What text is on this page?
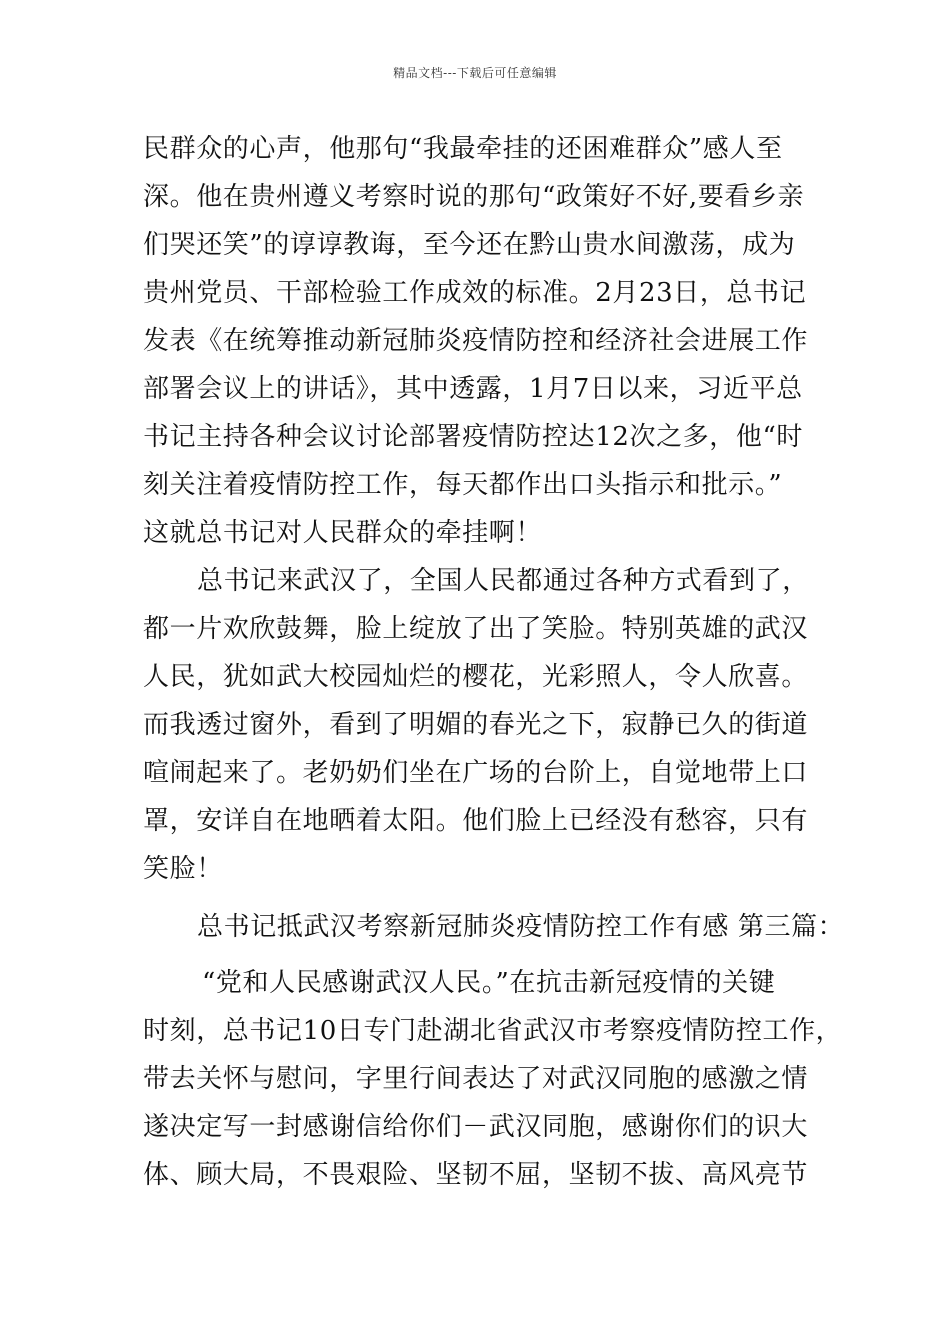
精品文档---下载后可任意编辑
民群众的心声，他那句“我最牵挂的还困难群众”感人至
深。他在贵州遵义考察时说的那句“政策好不好,要看乡亲
们哭还笑”的谆谆教诲，至今还在黔山贵水间激荡，成为
贵州党员、干部检验工作成效的标准。2月23日，总书记
发表《在统筹推动新冠肺炎疫情防控和经济社会进展工作
部署会议上的讲话》，其中透露，1月7日以来，习近平总
书记主持各种会议讨论部署疫情防控达12次之多，他“时
刻关注着疫情防控工作，每天都作出口头指示和批示。”
这就总书记对人民群众的牵挂啊！
总书记来武汉了，全国人民都通过各种方式看到了，
都一片欢欣鼓舞，脸上绽放了出了笑脸。特别英雄的武汉
人民，犹如武大校园灿烂的樱花，光彩照人，令人欣喜。
而我透过窗外，看到了明媚的春光之下，寂静已久的街道
喧闹起来了。老奶奶们坐在广场的台阶上，自觉地带上口
罩，安详自在地晒着太阳。他们脸上已经没有愁容，只有
笑脸！
总书记抵武汉考察新冠肺炎疫情防控工作有感 第三篇：
“党和人民感谢武汉人民。”在抗击新冠疫情的关键
时刻，总书记10日专门赴湖北省武汉市考察疫情防控工作，
带去关怀与慰问，字里行间表达了对武汉同胞的感激之情
遂决定写一封感谢信给你们－武汉同胞，感谢你们的识大
体、顾大局，不畏艰险、坚韧不屈，坚韧不拔、高风亮节
